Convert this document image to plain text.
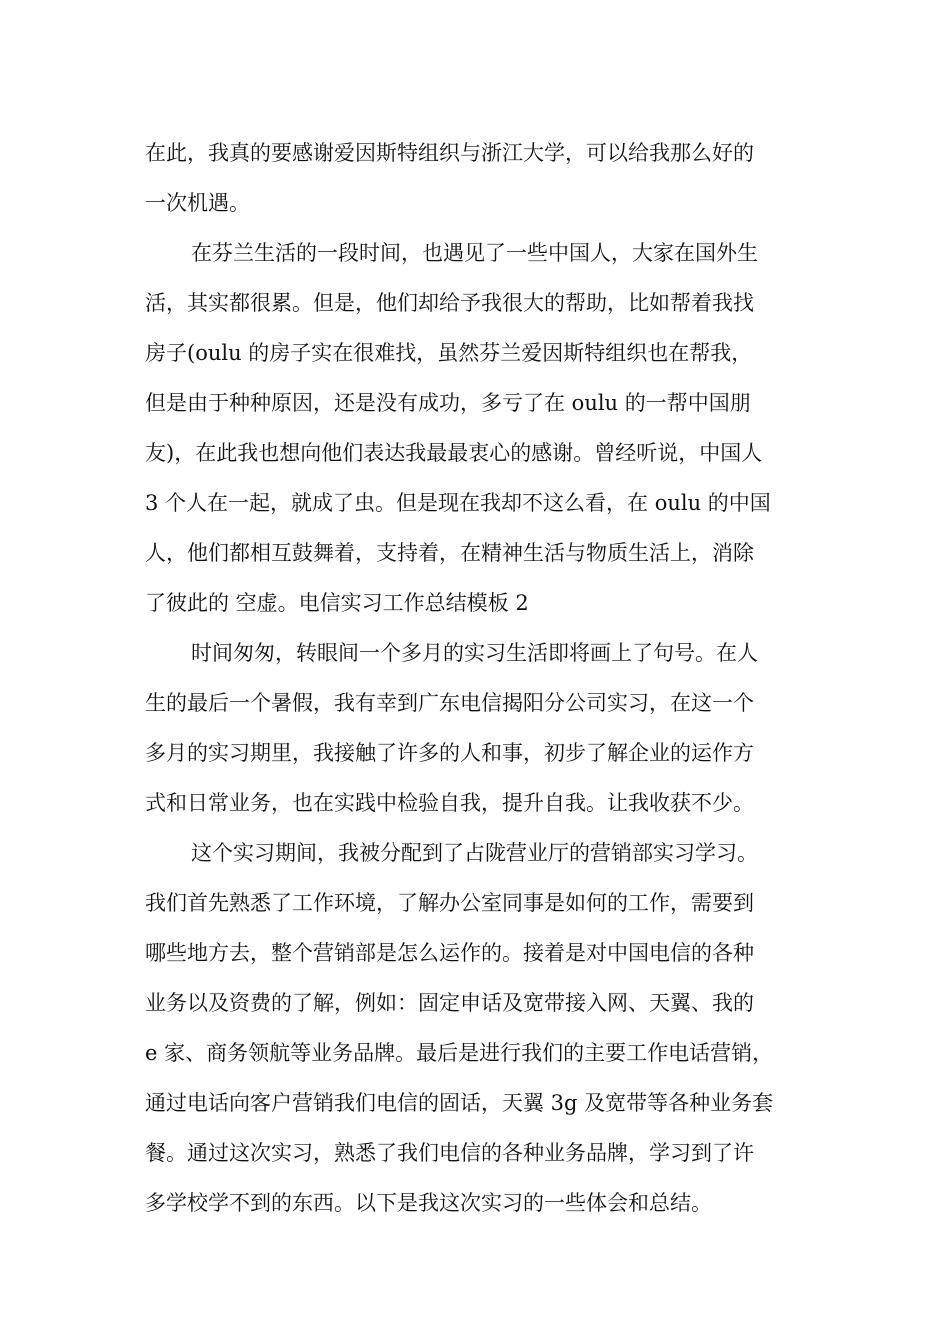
在此，我真的要感谢爱因斯特组织与浙江大学，可以给我那么好的
一次机遇。
在芬兰生活的一段时间，也遇见了一些中国人，大家在国外生
活，其实都很累。但是，他们却给予我很大的帮助，比如帮着我找
房子(oulu 的房子实在很难找，虽然芬兰爱因斯特组织也在帮我，
但是由于种种原因，还是没有成功，多亏了在 oulu 的一帮中国朋
友)，在此我也想向他们表达我最最衷心的感谢。曾经听说，中国人
3 个人在一起，就成了虫。但是现在我却不这么看，在 oulu 的中国
人，他们都相互鼓舞着，支持着，在精神生活与物质生活上，消除
了彼此的 空虚。电信实习工作总结模板 2
时间匆匆，转眼间一个多月的实习生活即将画上了句号。在人
生的最后一个暑假，我有幸到广东电信揭阳分公司实习，在这一个
多月的实习期里，我接触了许多的人和事，初步了解企业的运作方
式和日常业务，也在实践中检验自我，提升自我。让我收获不少。
这个实习期间，我被分配到了占陇营业厅的营销部实习学习。
我们首先熟悉了工作环境，了解办公室同事是如何的工作，需要到
哪些地方去，整个营销部是怎么运作的。接着是对中国电信的各种
业务以及资费的了解，例如：固定申话及宽带接入网、天翼、我的
e 家、商务领航等业务品牌。最后是进行我们的主要工作电话营销，
通过电话向客户营销我们电信的固话，天翼 3g 及宽带等各种业务套
餐。通过这次实习，熟悉了我们电信的各种业务品牌，学习到了许
多学校学不到的东西。以下是我这次实习的一些体会和总结。
